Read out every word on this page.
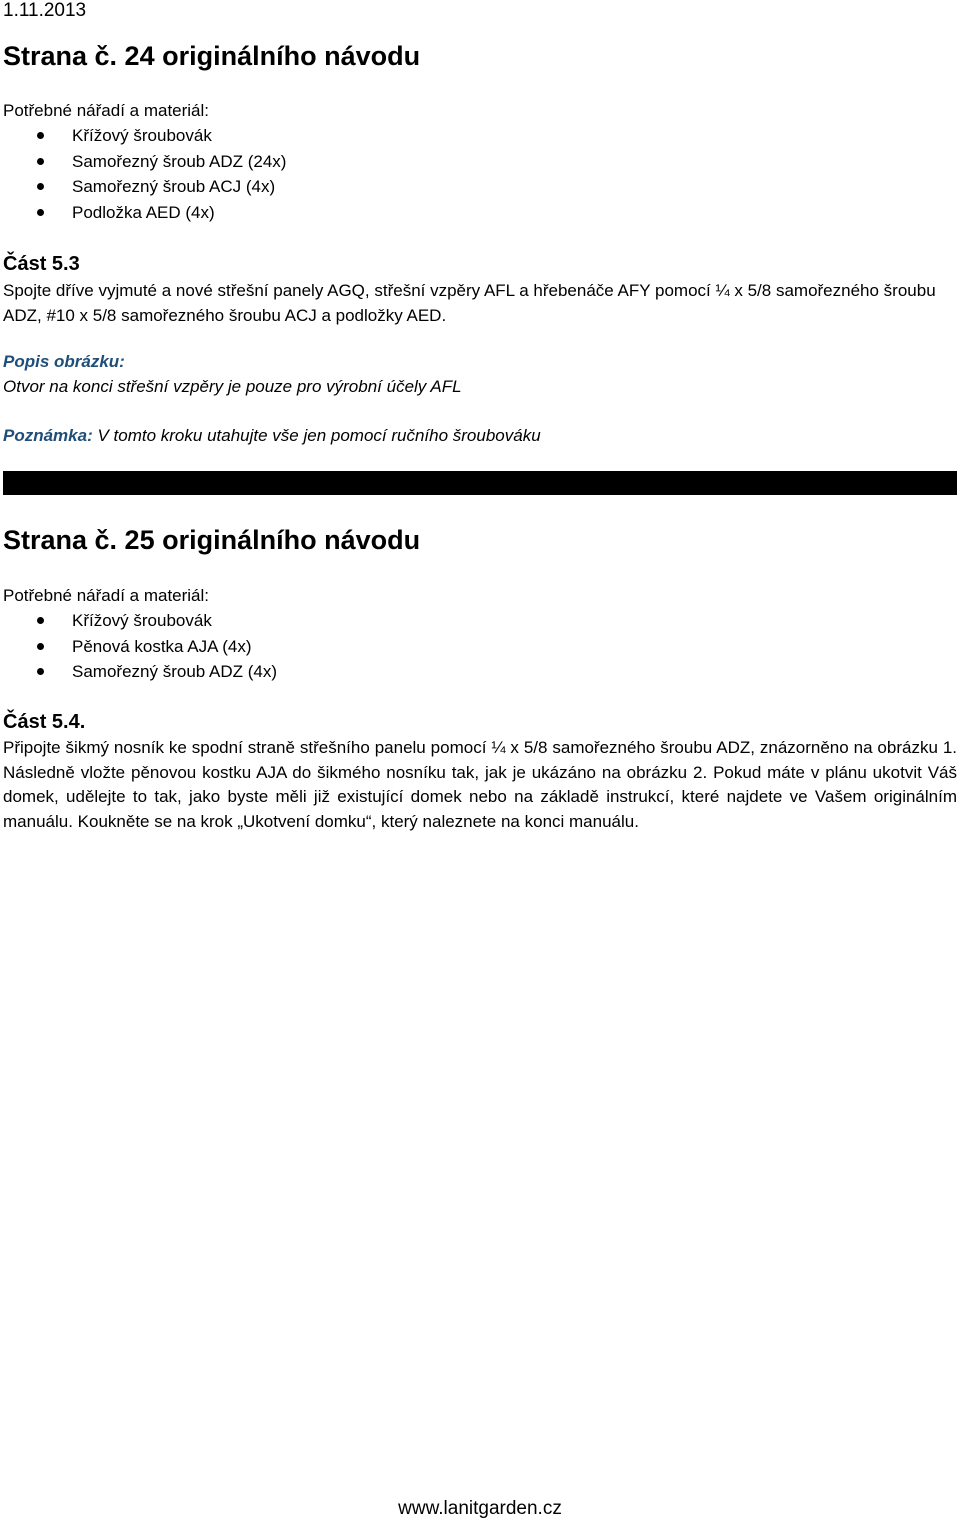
1.11.2013
Strana č. 24 originálního návodu
Potřebné nářadí a materiál:
Křížový šroubovák
Samořezný šroub ADZ (24x)
Samořezný šroub ACJ (4x)
Podložka AED (4x)
Část 5.3
Spojte dříve vyjmuté a nové střešní panely AGQ, střešní vzpěry AFL a hřebenáče AFY pomocí ¼ x 5/8 samořezného šroubu ADZ, #10 x 5/8 samořezného šroubu ACJ a podložky AED.
Popis obrázku:
Otvor na konci střešní vzpěry je pouze pro výrobní účely AFL
Poznámka: V tomto kroku utahujte vše jen pomocí ručního šroubováku
Strana č. 25 originálního návodu
Potřebné nářadí a materiál:
Křížový šroubovák
Pěnová kostka AJA (4x)
Samořezný šroub ADZ (4x)
Část 5.4.
Připojte šikmý nosník ke spodní straně střešního panelu pomocí ¼ x 5/8 samořezného šroubu ADZ, znázorněno na obrázku 1. Následně vložte pěnovou kostku AJA do šikmého nosníku tak, jak je ukázáno na obrázku 2. Pokud máte v plánu ukotvit Váš domek, udělejte to tak, jako byste měli již existující domek nebo na základě instrukcí, které najdete ve Vašem originálním manuálu. Koukněte se na krok „Ukotvení domku“, který naleznete na konci manuálu.
www.lanitgarden.cz
